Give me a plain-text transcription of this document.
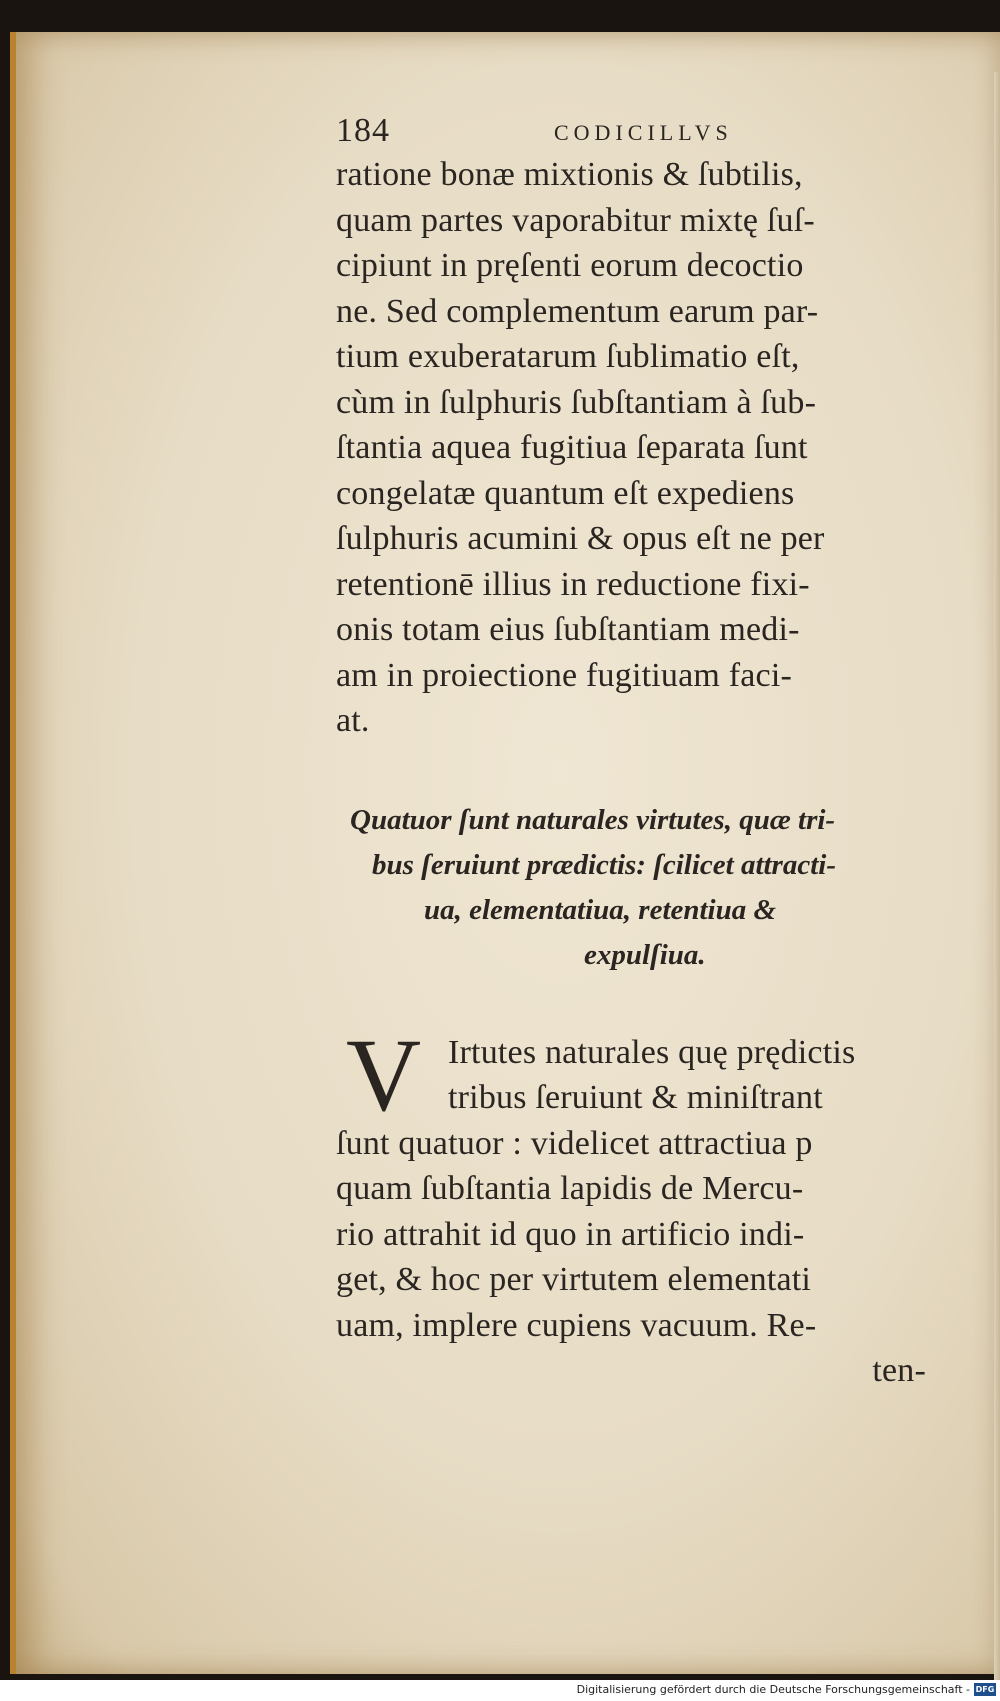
184	CODICILLVS
ratione bonæ mixtionis & ſubtilis,
quam partes vaporabitur mixtę ſuſ-
cipiunt in pręſenti eorum decoctio
ne. Sed complementum earum par-
tium exuberatarum ſublimatio eſt,
cùm in ſulphuris ſubſtantiam à ſub-
ſtantia aquea fugitiua ſeparata ſunt
congelatæ quantum eſt expediens
ſulphuris acumini & opus eſt ne per
retentionē illius in reductione fixi-
onis totam eius ſubſtantiam medi-
am in proiectione fugitiuam faci-
at.
Quatuor ſunt naturales virtutes, quæ tri-
bus ſeruiunt prædictis: ſcilicet attracti-
ua, elementatiua, retentiua &
expulſiua.
V Irtutes naturales quę prędictis
tribus ſeruiunt & miniſtrant
ſunt quatuor : videlicet attractiua p
quam ſubſtantia lapidis de Mercu-
rio attrahit id quo in artificio indi-
get, & hoc per virtutem elementati
uam, implere cupiens vacuum. Re-
ten-
Digitalisierung gefördert durch die Deutsche Forschungsgemeinschaft - DFG
